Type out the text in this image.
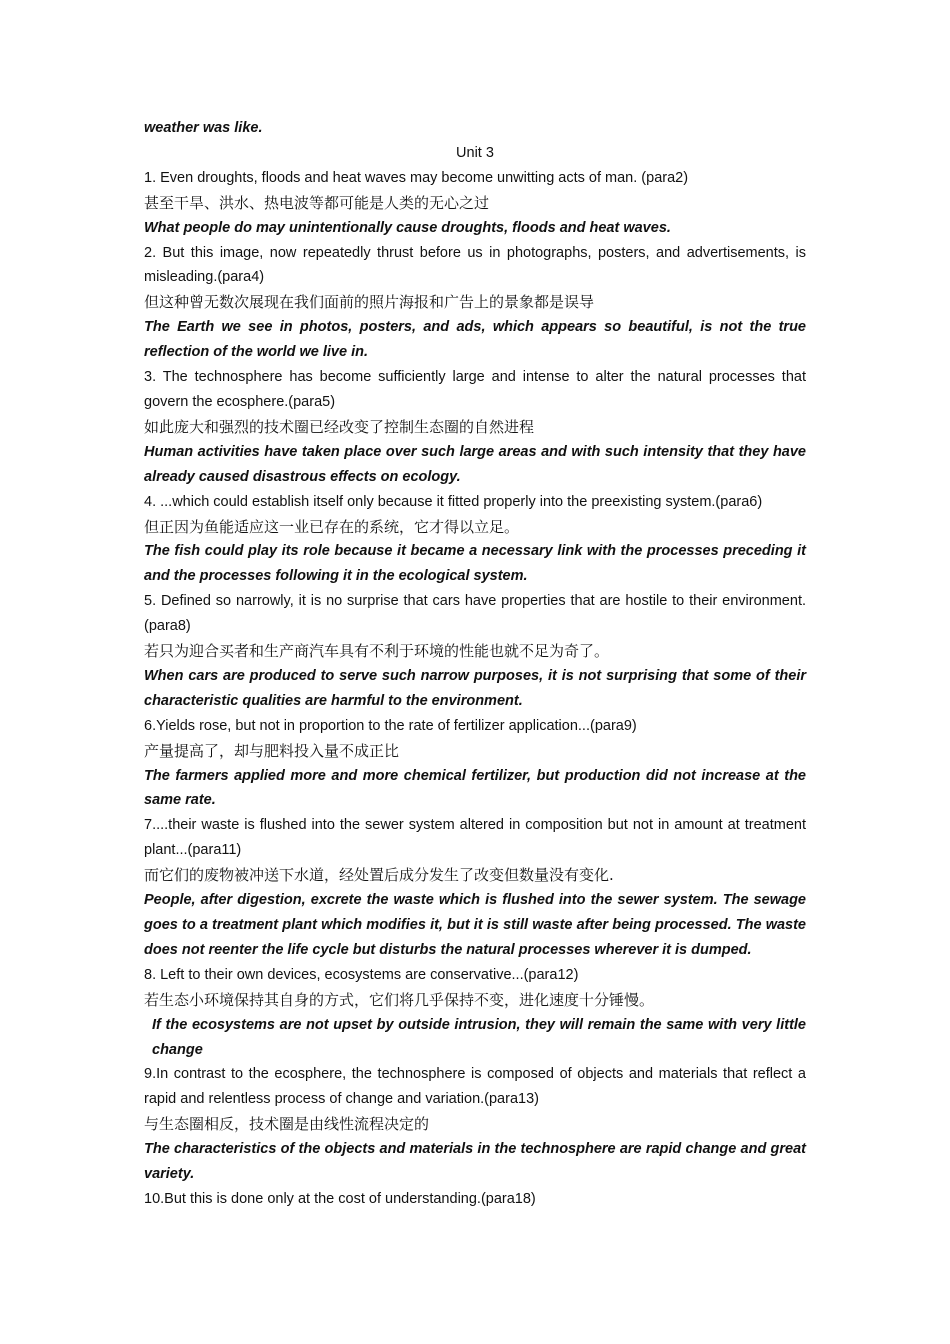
weather was like.

Unit 3

1. Even droughts, floods and heat waves may become unwitting acts of man. (para2)

甚至干旱、洪水、热电波等都可能是人类的无心之过

What people do may unintentionally cause droughts, floods and heat waves.

2. But this image, now repeatedly thrust before us in photographs, posters, and advertisements, is misleading.(para4)

但这种曾无数次展现在我们面前的照片海报和广告上的景象都是误导

The Earth we see in photos, posters, and ads, which appears so beautiful, is not the true reflection of the world we live in.

3. The technosphere has become sufficiently large and intense to alter the natural processes that govern the ecosphere.(para5)

如此庞大和强烈的技术圈已经改变了控制生态圈的自然进程

Human activities have taken place over such large areas and with such intensity that they have already caused disastrous effects on ecology.

4. ...which could establish itself only because it fitted properly into the preexisting system.(para6)

但正因为鱼能适应这一业已存在的系统，它才得以立足。

The fish could play its role because it became a necessary link with the processes preceding it and the processes following it in the ecological system.

5. Defined so narrowly, it is no surprise that cars have properties that are hostile to their environment.(para8)

若只为迎合买者和生产商汽车具有不利于环境的性能也就不足为奇了。

When cars are produced to serve such narrow purposes, it is not surprising that some of their characteristic qualities are harmful to the environment.

6.Yields rose, but not in proportion to the rate of fertilizer application...(para9)

产量提高了，却与肥料投入量不成正比

The farmers applied more and more chemical fertilizer, but production did not increase at the same rate.

7....their waste is flushed into the sewer system altered in composition but not in amount at treatment plant...(para11)

而它们的废物被冲送下水道，经处置后成分发生了改变但数量没有变化.

People, after digestion, excrete the waste which is flushed into the sewer system. The sewage goes to a treatment plant which modifies it, but it is still waste after being processed. The waste does not reenter the life cycle but disturbs the natural processes wherever it is dumped.

8. Left to their own devices, ecosystems are conservative...(para12)

若生态小环境保持其自身的方式，它们将几乎保持不变，进化速度十分锤慢。

If the ecosystems are not upset by outside intrusion, they will remain the same with very little change

9.In contrast to the ecosphere, the technosphere is composed of objects and materials that reflect a rapid and relentless process of change and variation.(para13)

与生态圈相反，技术圈是由线性流程决定的

The characteristics of the objects and materials in the technosphere are rapid change and great variety.

10.But this is done only at the cost of understanding.(para18)
